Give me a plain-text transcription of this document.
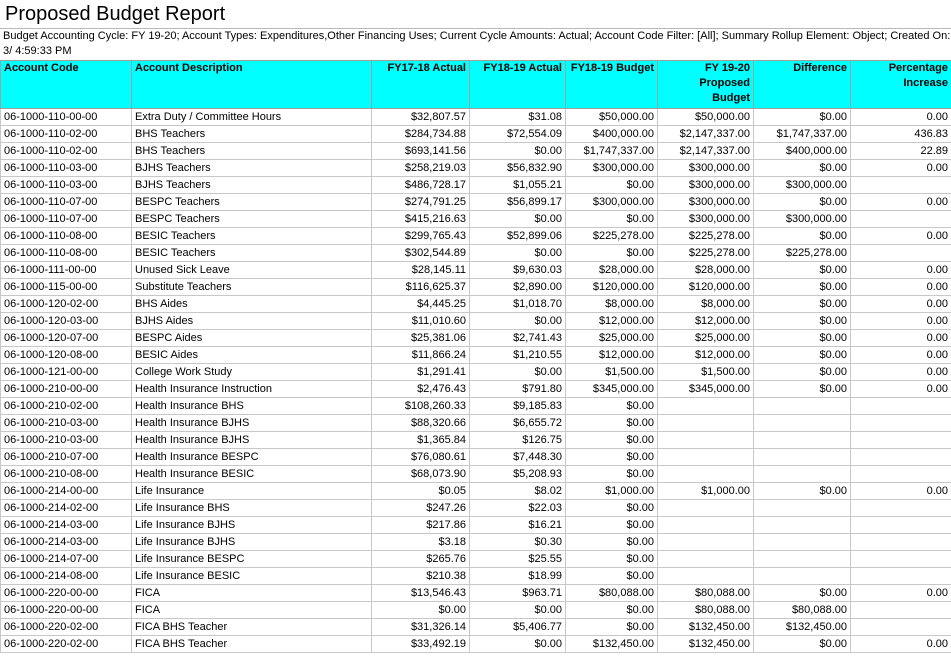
Proposed Budget Report
Budget Accounting Cycle: FY 19-20; Account Types: Expenditures,Other Financing Uses; Current Cycle Amounts: Actual; Account Code Filter: [All]; Summary Rollup Element: Object; Created On: 3/ 4:59:33 PM
Account Code	Account Description	FY17-18 Actual	FY18-19 Actual	FY18-19 Budget	FY 19-20 Proposed Budget	Difference	Percentage Increase
06-1000-110-00-00	Extra Duty / Committee Hours	$32,807.57	$31.08	$50,000.00	$50,000.00	$0.00	0.00
06-1000-110-02-00	BHS Teachers	$284,734.88	$72,554.09	$400,000.00	$2,147,337.00	$1,747,337.00	436.83
06-1000-110-02-00	BHS Teachers	$693,141.56	$0.00	$1,747,337.00	$2,147,337.00	$400,000.00	22.89
06-1000-110-03-00	BJHS Teachers	$258,219.03	$56,832.90	$300,000.00	$300,000.00	$0.00	0.00
06-1000-110-03-00	BJHS Teachers	$486,728.17	$1,055.21	$0.00	$300,000.00	$300,000.00	
06-1000-110-07-00	BESPC Teachers	$274,791.25	$56,899.17	$300,000.00	$300,000.00	$0.00	0.00
06-1000-110-07-00	BESPC Teachers	$415,216.63	$0.00	$0.00	$300,000.00	$300,000.00	
06-1000-110-08-00	BESIC Teachers	$299,765.43	$52,899.06	$225,278.00	$225,278.00	$0.00	0.00
06-1000-110-08-00	BESIC Teachers	$302,544.89	$0.00	$0.00	$225,278.00	$225,278.00	
06-1000-111-00-00	Unused Sick Leave	$28,145.11	$9,630.03	$28,000.00	$28,000.00	$0.00	0.00
06-1000-115-00-00	Substitute Teachers	$116,625.37	$2,890.00	$120,000.00	$120,000.00	$0.00	0.00
06-1000-120-02-00	BHS Aides	$4,445.25	$1,018.70	$8,000.00	$8,000.00	$0.00	0.00
06-1000-120-03-00	BJHS Aides	$11,010.60	$0.00	$12,000.00	$12,000.00	$0.00	0.00
06-1000-120-07-00	BESPC Aides	$25,381.06	$2,741.43	$25,000.00	$25,000.00	$0.00	0.00
06-1000-120-08-00	BESIC Aides	$11,866.24	$1,210.55	$12,000.00	$12,000.00	$0.00	0.00
06-1000-121-00-00	College Work Study	$1,291.41	$0.00	$1,500.00	$1,500.00	$0.00	0.00
06-1000-210-00-00	Health Insurance Instruction	$2,476.43	$791.80	$345,000.00	$345,000.00	$0.00	0.00
06-1000-210-02-00	Health Insurance BHS	$108,260.33	$9,185.83	$0.00			
06-1000-210-03-00	Health Insurance BJHS	$88,320.66	$6,655.72	$0.00			
06-1000-210-03-00	Health Insurance BJHS	$1,365.84	$126.75	$0.00			
06-1000-210-07-00	Health Insurance BESPC	$76,080.61	$7,448.30	$0.00			
06-1000-210-08-00	Health Insurance BESIC	$68,073.90	$5,208.93	$0.00			
06-1000-214-00-00	Life Insurance	$0.05	$8.02	$1,000.00	$1,000.00	$0.00	0.00
06-1000-214-02-00	Life Insurance BHS	$247.26	$22.03	$0.00			
06-1000-214-03-00	Life Insurance BJHS	$217.86	$16.21	$0.00			
06-1000-214-03-00	Life Insurance BJHS	$3.18	$0.30	$0.00			
06-1000-214-07-00	Life Insurance BESPC	$265.76	$25.55	$0.00			
06-1000-214-08-00	Life Insurance BESIC	$210.38	$18.99	$0.00			
06-1000-220-00-00	FICA	$13,546.43	$963.71	$80,088.00	$80,088.00	$0.00	0.00
06-1000-220-00-00	FICA	$0.00	$0.00	$0.00	$80,088.00	$80,088.00	
06-1000-220-02-00	FICA BHS Teacher	$31,326.14	$5,406.77	$0.00	$132,450.00	$132,450.00	
06-1000-220-02-00	FICA BHS Teacher	$33,492.19	$0.00	$132,450.00	$132,450.00	$0.00	0.00
